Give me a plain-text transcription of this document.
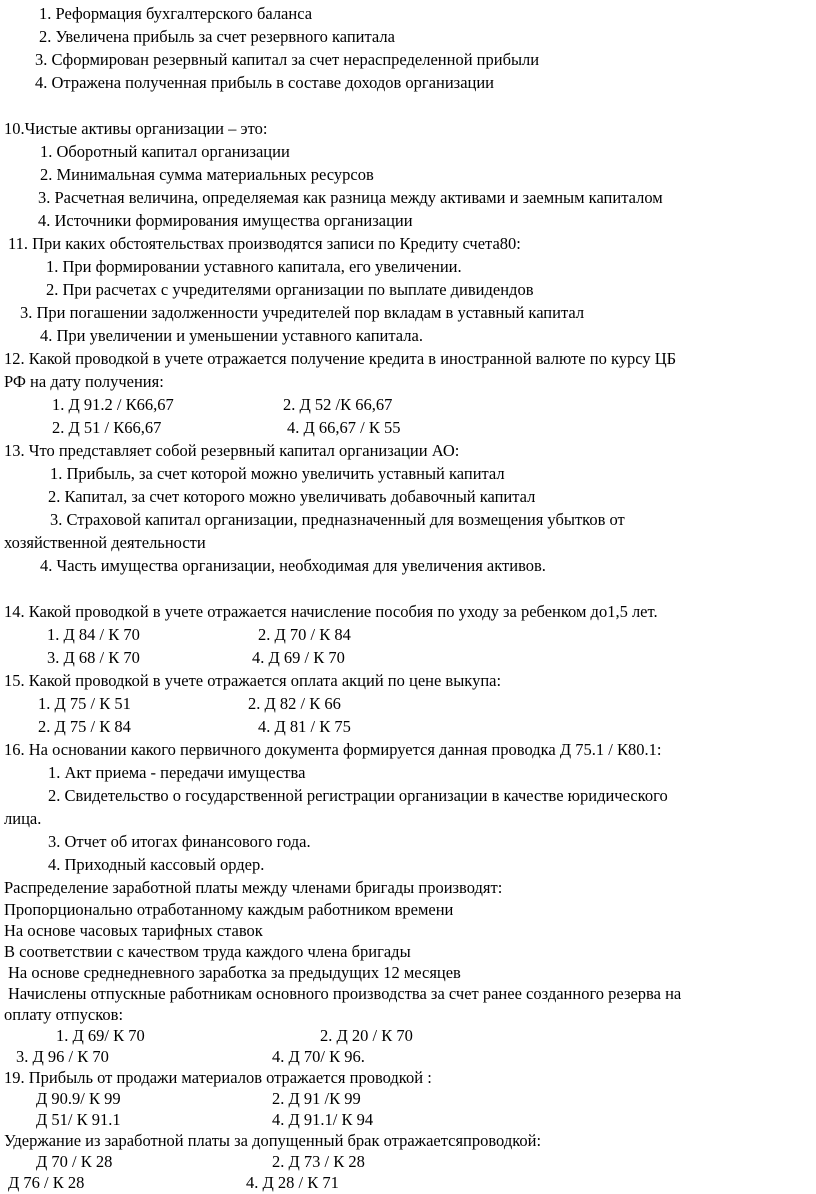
1. Реформация бухгалтерского баланса
2. Увеличена прибыль за счет резервного капитала
3. Сформирован резервный капитал за счет нераспределенной прибыли
4. Отражена полученная прибыль в составе доходов организации
10.Чистые активы организации – это:
1. Оборотный капитал организации
2. Минимальная сумма материальных ресурсов
3. Расчетная величина, определяемая как разница между активами и заемным капиталом
4. Источники формирования имущества организации
11. При каких обстоятельствах производятся записи по Кредиту счета80:
1. При формировании уставного капитала, его увеличении.
2. При расчетах с учредителями организации по выплате дивидендов
3. При погашении задолженности учредителей пор вкладам в уставный капитал
4. При увеличении и уменьшении уставного капитала.
12. Какой проводкой в учете отражается получение кредита в иностранной валюте по курсу ЦБ
РФ на дату получения:
1. Д 91.2 / К66,67	2. Д 52 /К 66,67
2. Д 51 / К66,67	4. Д 66,67 / К 55
13. Что представляет собой резервный капитал организации АО:
1. Прибыль, за счет которой можно увеличить уставный капитал
2. Капитал, за счет которого можно увеличивать добавочный капитал
3. Страховой капитал организации, предназначенный для возмещения убытков от
хозяйственной деятельности
4. Часть имущества организации, необходимая для увеличения активов.
14. Какой проводкой в учете отражается начисление пособия по уходу за ребенком до1,5 лет.
1. Д 84 / К 70	2. Д 70 / К 84
3. Д 68 / К 70	4. Д 69 / К 70
15. Какой проводкой в учете отражается оплата акций по цене выкупа:
1. Д 75 / К 51	2. Д 82 / К 66
2. Д 75 / К 84	4. Д 81 / К 75
16. На основании какого первичного документа формируется данная проводка Д 75.1 / К80.1:
1. Акт приема - передачи имущества
2. Свидетельство о государственной регистрации организации в качестве юридического
лица.
3. Отчет об итогах финансового года.
4. Приходный кассовый ордер.
Распределение заработной платы между членами бригады производят:
Пропорционально отработанному каждым работником времени
На основе часовых тарифных ставок
В соответствии с качеством труда каждого члена бригады
На основе среднедневного заработка за предыдущих 12 месяцев
Начислены отпускные работникам основного производства за счет ранее созданного резерва на
оплату отпусков:
1. Д 69/ К 70	2. Д 20 / К 70
3. Д 96 / К 70	4. Д 70/ К 96.
19. Прибыль от продажи материалов отражается проводкой :
Д 90.9/ К 99	2. Д 91 /К 99
Д 51/ К 91.1	4. Д 91.1/ К 94
Удержание из заработной платы за допущенный брак отражаетсяпроводкой:
Д 70 / К 28	2. Д 73 / К 28
Д 76 / К 28	4. Д 28 / К 71
